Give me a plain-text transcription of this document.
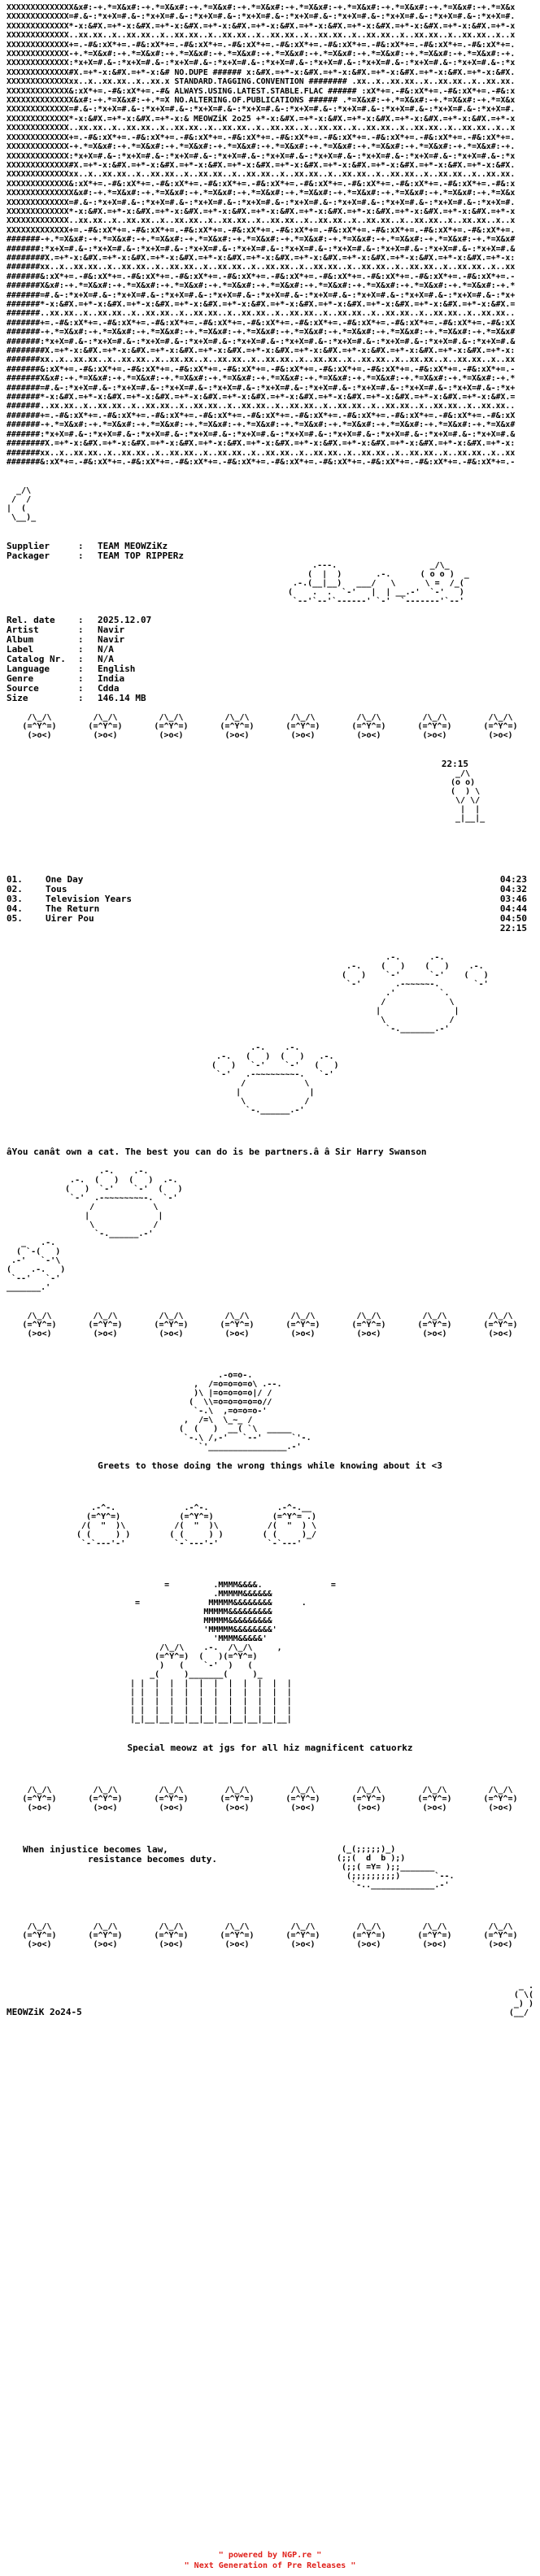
XXXXXXXXXXXXXX&x#:-+.*=X&x#:-+.*=X&x#:-+.*=X&x#:-+.*=X&x#:-+.*=X&x#:-+.*=X&x#:-+.*=X&x#:-+.*=X&x#:-+.*=X&x
XXXXXXXXXXXXX=#.&-:*x+X=#.&-:*x+X=#.&-:*x+X=#.&-:*x+X=#.&-:*x+X=#.&-:*x+X=#.&-:*x+X=#.&-:*x+X=#.&-:*x+X=#.
XXXXXXXXXXXXX*-x:&#X.=+*-x:&#X.=+*-x:&#X.=+*-x:&#X.=+*-x:&#X.=+*-x:&#X.=+*-x:&#X.=+*-x:&#X.=+*-x:&#X.=+*-x
XXXXXXXXXXXXX..xx.xx..x..xx.xx..x..xx.xx..x..xx.xx..x..xx.xx..x..xx.xx..x..xx.xx..x..xx.xx..x..xx.xx..x..x
XXXXXXXXXXXXX+=.-#&:xX*+=.-#&:xX*+=.-#&:xX*+=.-#&:xX*+=.-#&:xX*+=.-#&:xX*+=.-#&:xX*+=.-#&:xX*+=.-#&:xX*+=.
XXXXXXXXXXXXX-+.*=X&x#:-+.*=X&x#:-+.*=X&x#:-+.*=X&x#:-+.*=X&x#:-+.*=X&x#:-+.*=X&x#:-+.*=X&x#:-+.*=X&x#:-+.
XXXXXXXXXXXXX:*x+X=#.&-:*x+X=#.&-:*x+X=#.&-:*x+X=#.&-:*x+X=#.&-:*x+X=#.&-:*x+X=#.&-:*x+X=#.&-:*x+X=#.&-:*x
XXXXXXXXXXXXX#X.=+*-x:&#X.=+*-x:&# NO.DUPE ###### x:&#X.=+*-x:&#X.=+*-x:&#X.=+*-x:&#X.=+*-x:&#X.=+*-x:&#X.
XXXXXXXXXXXXXxx..x..xx.xx..x..xx.x STANDARD.TAGGING.CONVENTION ######## .xx..x..xx.xx..x..xx.xx..x..xx.xx.
XXXXXXXXXXXXX&:xX*+=.-#&:xX*+=.-#& ALWAYS.USING.LATEST.STABLE.FLAC ###### :xX*+=.-#&:xX*+=.-#&:xX*+=.-#&:x
XXXXXXXXXXXXXX&x#:-+.*=X&x#:-+.*=X NO.ALTERING.OF.PUBLICATIONS ###### .*=X&x#:-+.*=X&x#:-+.*=X&x#:-+.*=X&x
XXXXXXXXXXXXX=#.&-:*x+X=#.&-:*x+X=#.&-:*x+X=#.&-:*x+X=#.&-:*x+X=#.&-:*x+X=#.&-:*x+X=#.&-:*x+X=#.&-:*x+X=#.
XXXXXXXXXXXXX*-x:&#X.=+*-x:&#X.=+*-x:& MEOWZiK 2o25 +*-x:&#X.=+*-x:&#X.=+*-x:&#X.=+*-x:&#X.=+*-x:&#X.=+*-x
XXXXXXXXXXXXX..xx.xx..x..xx.xx..x..xx.xx..x..xx.xx..x..xx.xx..x..xx.xx..x..xx.xx..x..xx.xx..x..xx.xx..x..x
XXXXXXXXXXXXX+=.-#&:xX*+=.-#&:xX*+=.-#&:xX*+=.-#&:xX*+=.-#&:xX*+=.-#&:xX*+=.-#&:xX*+=.-#&:xX*+=.-#&:xX*+=.
XXXXXXXXXXXXX-+.*=X&x#:-+.*=X&x#:-+.*=X&x#:-+.*=X&x#:-+.*=X&x#:-+.*=X&x#:-+.*=X&x#:-+.*=X&x#:-+.*=X&x#:-+.
XXXXXXXXXXXXX:*x+X=#.&-:*x+X=#.&-:*x+X=#.&-:*x+X=#.&-:*x+X=#.&-:*x+X=#.&-:*x+X=#.&-:*x+X=#.&-:*x+X=#.&-:*x
XXXXXXXXXXXXX#X.=+*-x:&#X.=+*-x:&#X.=+*-x:&#X.=+*-x:&#X.=+*-x:&#X.=+*-x:&#X.=+*-x:&#X.=+*-x:&#X.=+*-x:&#X.
XXXXXXXXXXXXXxx..x..xx.xx..x..xx.xx..x..xx.xx..x..xx.xx..x..xx.xx..x..xx.xx..x..xx.xx..x..xx.xx..x..xx.xx.
XXXXXXXXXXXXX&:xX*+=.-#&:xX*+=.-#&:xX*+=.-#&:xX*+=.-#&:xX*+=.-#&:xX*+=.-#&:xX*+=.-#&:xX*+=.-#&:xX*+=.-#&:x
XXXXXXXXXXXXXX&x#:-+.*=X&x#:-+.*=X&x#:-+.*=X&x#:-+.*=X&x#:-+.*=X&x#:-+.*=X&x#:-+.*=X&x#:-+.*=X&x#:-+.*=X&x
XXXXXXXXXXXXX=#.&-:*x+X=#.&-:*x+X=#.&-:*x+X=#.&-:*x+X=#.&-:*x+X=#.&-:*x+X=#.&-:*x+X=#.&-:*x+X=#.&-:*x+X=#.
XXXXXXXXXXXXX*-x:&#X.=+*-x:&#X.=+*-x:&#X.=+*-x:&#X.=+*-x:&#X.=+*-x:&#X.=+*-x:&#X.=+*-x:&#X.=+*-x:&#X.=+*-x
XXXXXXXXXXXXX..xx.xx..x..xx.xx..x..xx.xx..x..xx.xx..x..xx.xx..x..xx.xx..x..xx.xx..x..xx.xx..x..xx.xx..x..x
XXXXXXXXXXXXX+=.-#&:xX*+=.-#&:xX*+=.-#&:xX*+=.-#&:xX*+=.-#&:xX*+=.-#&:xX*+=.-#&:xX*+=.-#&:xX*+=.-#&:xX*+=.
#######-+.*=X&x#:-+.*=X&x#:-+.*=X&x#:-+.*=X&x#:-+.*=X&x#:-+.*=X&x#:-+.*=X&x#:-+.*=X&x#:-+.*=X&x#:-+.*=X&x#
#######:*x+X=#.&-:*x+X=#.&-:*x+X=#.&-:*x+X=#.&-:*x+X=#.&-:*x+X=#.&-:*x+X=#.&-:*x+X=#.&-:*x+X=#.&-:*x+X=#.&
########X.=+*-x:&#X.=+*-x:&#X.=+*-x:&#X.=+*-x:&#X.=+*-x:&#X.=+*-x:&#X.=+*-x:&#X.=+*-x:&#X.=+*-x:&#X.=+*-x:
#######xx..x..xx.xx..x..xx.xx..x..xx.xx..x..xx.xx..x..xx.xx..x..xx.xx..x..xx.xx..x..xx.xx..x..xx.xx..x..xx
#######&:xX*+=.-#&:xX*+=.-#&:xX*+=.-#&:xX*+=.-#&:xX*+=.-#&:xX*+=.-#&:xX*+=.-#&:xX*+=.-#&:xX*+=.-#&:xX*+=.-
#######X&x#:-+.*=X&x#:-+.*=X&x#:-+.*=X&x#:-+.*=X&x#:-+.*=X&x#:-+.*=X&x#:-+.*=X&x#:-+.*=X&x#:-+.*=X&x#:-+.*
#######=#.&-:*x+X=#.&-:*x+X=#.&-:*x+X=#.&-:*x+X=#.&-:*x+X=#.&-:*x+X=#.&-:*x+X=#.&-:*x+X=#.&-:*x+X=#.&-:*x+
#######*-x:&#X.=+*-x:&#X.=+*-x:&#X.=+*-x:&#X.=+*-x:&#X.=+*-x:&#X.=+*-x:&#X.=+*-x:&#X.=+*-x:&#X.=+*-x:&#X.=
#######..xx.xx..x..xx.xx..x..xx.xx..x..xx.xx..x..xx.xx..x..xx.xx..x..xx.xx..x..xx.xx..x..xx.xx..x..xx.xx..
#######+=.-#&:xX*+=.-#&:xX*+=.-#&:xX*+=.-#&:xX*+=.-#&:xX*+=.-#&:xX*+=.-#&:xX*+=.-#&:xX*+=.-#&:xX*+=.-#&:xX
#######-+.*=X&x#:-+.*=X&x#:-+.*=X&x#:-+.*=X&x#:-+.*=X&x#:-+.*=X&x#:-+.*=X&x#:-+.*=X&x#:-+.*=X&x#:-+.*=X&x#
#######:*x+X=#.&-:*x+X=#.&-:*x+X=#.&-:*x+X=#.&-:*x+X=#.&-:*x+X=#.&-:*x+X=#.&-:*x+X=#.&-:*x+X=#.&-:*x+X=#.&
########X.=+*-x:&#X.=+*-x:&#X.=+*-x:&#X.=+*-x:&#X.=+*-x:&#X.=+*-x:&#X.=+*-x:&#X.=+*-x:&#X.=+*-x:&#X.=+*-x:
#######xx..x..xx.xx..x..xx.xx..x..xx.xx..x..xx.xx..x..xx.xx..x..xx.xx..x..xx.xx..x..xx.xx..x..xx.xx..x..xx
#######&:xX*+=.-#&:xX*+=.-#&:xX*+=.-#&:xX*+=.-#&:xX*+=.-#&:xX*+=.-#&:xX*+=.-#&:xX*+=.-#&:xX*+=.-#&:xX*+=.-
#######X&x#:-+.*=X&x#:-+.*=X&x#:-+.*=X&x#:-+.*=X&x#:-+.*=X&x#:-+.*=X&x#:-+.*=X&x#:-+.*=X&x#:-+.*=X&x#:-+.*
#######=#.&-:*x+X=#.&-:*x+X=#.&-:*x+X=#.&-:*x+X=#.&-:*x+X=#.&-:*x+X=#.&-:*x+X=#.&-:*x+X=#.&-:*x+X=#.&-:*x+
#######*-x:&#X.=+*-x:&#X.=+*-x:&#X.=+*-x:&#X.=+*-x:&#X.=+*-x:&#X.=+*-x:&#X.=+*-x:&#X.=+*-x:&#X.=+*-x:&#X.=
#######..xx.xx..x..xx.xx..x..xx.xx..x..xx.xx..x..xx.xx..x..xx.xx..x..xx.xx..x..xx.xx..x..xx.xx..x..xx.xx..
#######+=.-#&:xX*+=.-#&:xX*+=.-#&:xX*+=.-#&:xX*+=.-#&:xX*+=.-#&:xX*+=.-#&:xX*+=.-#&:xX*+=.-#&:xX*+=.-#&:xX
#######-+.*=X&x#:-+.*=X&x#:-+.*=X&x#:-+.*=X&x#:-+.*=X&x#:-+.*=X&x#:-+.*=X&x#:-+.*=X&x#:-+.*=X&x#:-+.*=X&x#
#######:*x+X=#.&-:*x+X=#.&-:*x+X=#.&-:*x+X=#.&-:*x+X=#.&-:*x+X=#.&-:*x+X=#.&-:*x+X=#.&-:*x+X=#.&-:*x+X=#.&
########X.=+*-x:&#X.=+*-x:&#X.=+*-x:&#X.=+*-x:&#X.=+*-x:&#X.=+*-x:&#X.=+*-x:&#X.=+*-x:&#X.=+*-x:&#X.=+*-x:
#######xx..x..xx.xx..x..xx.xx..x..xx.xx..x..xx.xx..x..xx.xx..x..xx.xx..x..xx.xx..x..xx.xx..x..xx.xx..x..xx
#######&:xX*+=.-#&:xX*+=.-#&:xX*+=.-#&:xX*+=.-#&:xX*+=.-#&:xX*+=.-#&:xX*+=.-#&:xX*+=.-#&:xX*+=.-#&:xX*+=.-
_/\
/  /
|  (
\__)_
Supplier	: TEAM MEOWZiKz
Packager	: TEAM TOP RIPPERz
.---.                   _/\_
(  |  )       .-.      ( o o )  _
.-.(__|__)   ___/   \      \ =  /_(
(    .  .  `-'   |  | __.-'  `-'   )
`--'`--'`------' `-'  `-------'`--'
Rel. date	: 2025.12.07
Artist	: Navir
Album	: Navir
Label	: N/A
Catalog Nr.	: N/A
Language	: English
Genre	: India
Source	: Cdda
Size	: 146.14 MB
/\_/\
(=^Y^=)
(>o<)
/\_/\
(=^Y^=)
(>o<)
/\_/\
(=^Y^=)
(>o<)
/\_/\
(=^Y^=)
(>o<)
/\_/\
(=^Y^=)
(>o<)
/\_/\
(=^Y^=)
(>o<)
/\_/\
(=^Y^=)
(>o<)
/\_/\
(=^Y^=)
(>o<)
22:15
_/\
(o o)
(  ) \
\/ \/
|  |
_|__|_
01.	One Day	04:23
02.	Tous	04:32
03.	Television Years	03:46
04.	The Return	04:44
05.	Uirer Pou	04:50
22:15
.-.      .-.
.-.    (   )    (   )    .-.
(   )    `-'      `-'    (   )
`-'       .-~~~~~-.       `-'
.'         `.
/             \
|               |
\             /
`-._______.-'
.-.    .-.
.-.   (   )  (   )   .-.
(   )   `-'    `-'   (   )
`-'   .-~~~~~~~~-.   `-'
/            \
|              |
\            /
`-.______.-'
âYou canât own a cat. The best you can do is be partners.â â Sir Harry Swanson
.-.    .-.
.-.  (   )  (   )  .-.
(   )  `-'    `-'  (   )
`-'  .-~~~~~~~~-.  `-'
/            \
|              |
\            /
`-.______.-'
_   .-.
( `-(   )
.-'   `-'\
(    .-.   )
`--'   `-'
_______.'
/\_/\
(=^Y^=)
(>o<)
/\_/\
(=^Y^=)
(>o<)
/\_/\
(=^Y^=)
(>o<)
/\_/\
(=^Y^=)
(>o<)
/\_/\
(=^Y^=)
(>o<)
/\_/\
(=^Y^=)
(>o<)
/\_/\
(=^Y^=)
(>o<)
/\_/\
(=^Y^=)
(>o<)
.-o=o-.
,  /=o=o=o=o\ .--.
)\ |=o=o=o=o|/ /
(  \\=o=o=o=o=o//
`-.\  ,=o=o=o-'
,  /=\  \_~_ /
(  (   )  __( `\  _____
`-.\ /,-'   `--'      `'-.
`'________________.-'
Greets to those doing the wrong things while knowing about it <3
.-^-.              .-^-.              .-^-.__
(=^Y^=)            (=^Y^=)            (=^Y^= .)
/(  "  )\          /(  "  )\          /(  "  ) \
( (     ) )        ( (     ) )        ( (     )_/
`-`---'-'          `-`---'-'          `-`---'
=         .MMMM&&&&.              =
.MMMMM&&&&&&
=              MMMMM&&&&&&&&      .
MMMMM&&&&&&&&&
MMMMM&&&&&&&&&
'MMMMM&&&&&&&&'
'MMMM&&&&&'
/\_/\    .-.  /\_/\     ,
(=^Y^=)  (   )(=^Y^=)
)   (    `-'  )   (
_(     )_______(     )_
| |  |  |  |  |  |  |  |  |  |  |
| |  |  |  |  |  |  |  |  |  |  |
| |  |  |  |  |  |  |  |  |  |  |
| |  |  |  |  |  |  |  |  |  |  |
|_|__|__|__|__|__|__|__|__|__|__|
Special meowz at jgs for all hiz magnificent catuorkz
/\_/\
(=^Y^=)
(>o<)
/\_/\
(=^Y^=)
(>o<)
/\_/\
(=^Y^=)
(>o<)
/\_/\
(=^Y^=)
(>o<)
/\_/\
(=^Y^=)
(>o<)
/\_/\
(=^Y^=)
(>o<)
/\_/\
(=^Y^=)
(>o<)
/\_/\
(=^Y^=)
(>o<)
When injustice becomes law,
resistance becomes duty.
(_(;;;;;)_)
(;;(  d  b );)
(;;( =Y= );;_______
(;;;;;;;;;)       `--.
`-.._____________.-'
/\_/\
(=^Y^=)
(>o<)
/\_/\
(=^Y^=)
(>o<)
/\_/\
(=^Y^=)
(>o<)
/\_/\
(=^Y^=)
(>o<)
/\_/\
(=^Y^=)
(>o<)
/\_/\
(=^Y^=)
(>o<)
/\_/\
(=^Y^=)
(>o<)
/\_/\
(=^Y^=)
(>o<)
MEOWZiK 2o24-5
_ .
( \(
_) )
(__/
" powered by NGP.re "
" Next Generation of Pre Releases "
